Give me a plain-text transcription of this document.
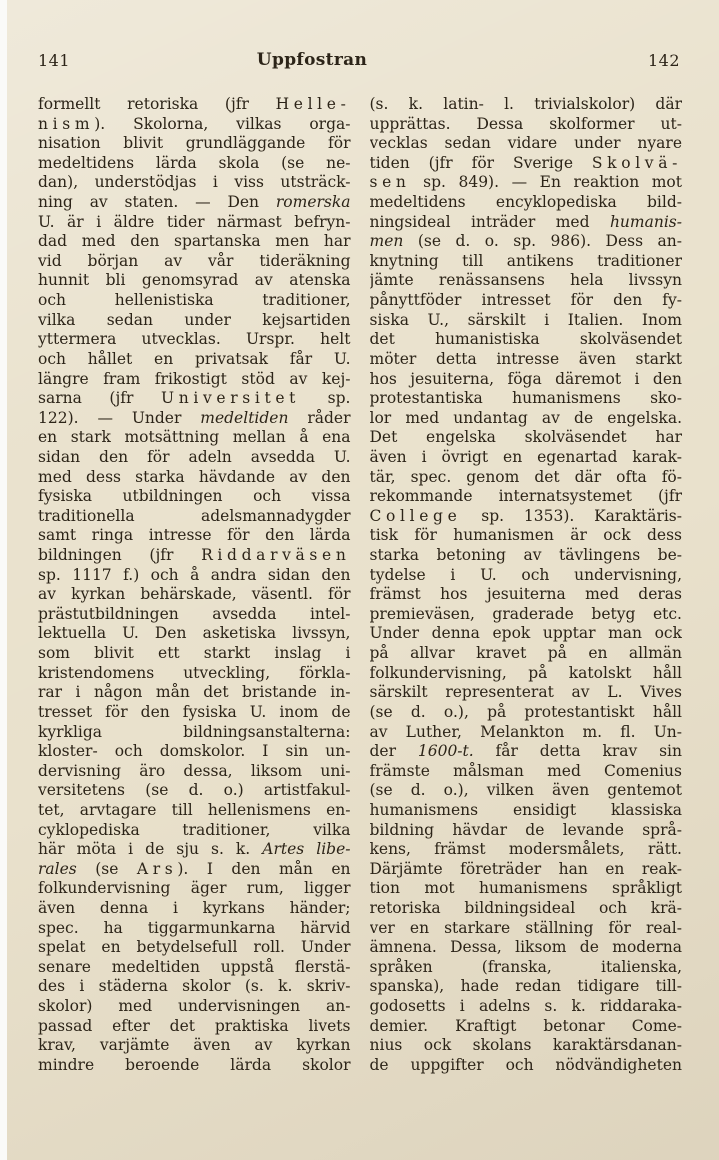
141	Uppfostran	142
formellt retoriska (jfr Helle-
nism). Skolorna, vilkas orga-
nisation blivit grundläggande för
medeltidens lärda skola (se ne-
dan), understödjas i viss utsträck-
ning av staten. — Den romerska
U. är i äldre tider närmast befryn-
dad med den spartanska men har
vid början av vår tideräkning
hunnit bli genomsyrad av atenska
och hellenistiska traditioner,
vilka sedan under kejsartiden
yttermera utvecklas. Urspr. helt
och hållet en privatsak får U.
längre fram frikostigt stöd av kej-
sarna (jfr Universitet sp.
122). — Under medeltiden råder
en stark motsättning mellan å ena
sidan den för adeln avsedda U.
med dess starka hävdande av den
fysiska utbildningen och vissa
traditionella adelsmannadygder
samt ringa intresse för den lärda
bildningen (jfr Riddarväsen
sp. 1117 f.) och å andra sidan den
av kyrkan behärskade, väsentl. för
prästutbildningen avsedda intel-
lektuella U. Den asketiska livssyn,
som blivit ett starkt inslag i
kristendomens utveckling, förkla-
rar i någon mån det bristande in-
tresset för den fysiska U. inom de
kyrkliga bildningsanstalterna:
kloster- och domskolor. I sin un-
dervisning äro dessa, liksom uni-
versitetens (se d. o.) artistfakul-
tet, arvtagare till hellenismens en-
cyklopediska traditioner, vilka
här möta i de sju s. k. Artes libe-
rales (se Ars). I den mån en
folkundervisning äger rum, ligger
även denna i kyrkans händer;
spec. ha tiggarmunkarna härvid
spelat en betydelsefull roll. Under
senare medeltiden uppstå flerstä-
des i städerna skolor (s. k. skriv-
skolor) med undervisningen an-
passad efter det praktiska livets
krav, varjämte även av kyrkan
mindre beroende lärda skolor
(s. k. latin- l. trivialskolor) där
upprättas. Dessa skolformer ut-
vecklas sedan vidare under nyare
tiden (jfr för Sverige Skolvä-
sen sp. 849). — En reaktion mot
medeltidens encyklopediska bild-
ningsideal inträder med humanis-
men (se d. o. sp. 986). Dess an-
knytning till antikens traditioner
jämte renässansens hela livssyn
pånyttföder intresset för den fy-
siska U., särskilt i Italien. Inom
det humanistiska skolväsendet
möter detta intresse även starkt
hos jesuiterna, föga däremot i den
protestantiska humanismens sko-
lor med undantag av de engelska.
Det engelska skolväsendet har
även i övrigt en egenartad karak-
tär, spec. genom det där ofta fö-
rekommande internatsystemet (jfr
College sp. 1353). Karaktäris-
tisk för humanismen är ock dess
starka betoning av tävlingens be-
tydelse i U. och undervisning,
främst hos jesuiterna med deras
premieväsen, graderade betyg etc.
Under denna epok upptar man ock
på allvar kravet på en allmän
folkundervisning, på katolskt håll
särskilt representerat av L. Vives
(se d. o.), på protestantiskt håll
av Luther, Melankton m. fl. Un-
der 1600-t. får detta krav sin
främste målsman med Comenius
(se d. o.), vilken även gentemot
humanismens ensidigt klassiska
bildning hävdar de levande språ-
kens, främst modersmålets, rätt.
Därjämte företräder han en reak-
tion mot humanismens språkligt
retoriska bildningsideal och krä-
ver en starkare ställning för real-
ämnena. Dessa, liksom de moderna
språken (franska, italienska,
spanska), hade redan tidigare till-
godosetts i adelns s. k. riddaraka-
demier. Kraftigt betonar Come-
nius ock skolans karaktärsdanan-
de uppgifter och nödvändigheten
